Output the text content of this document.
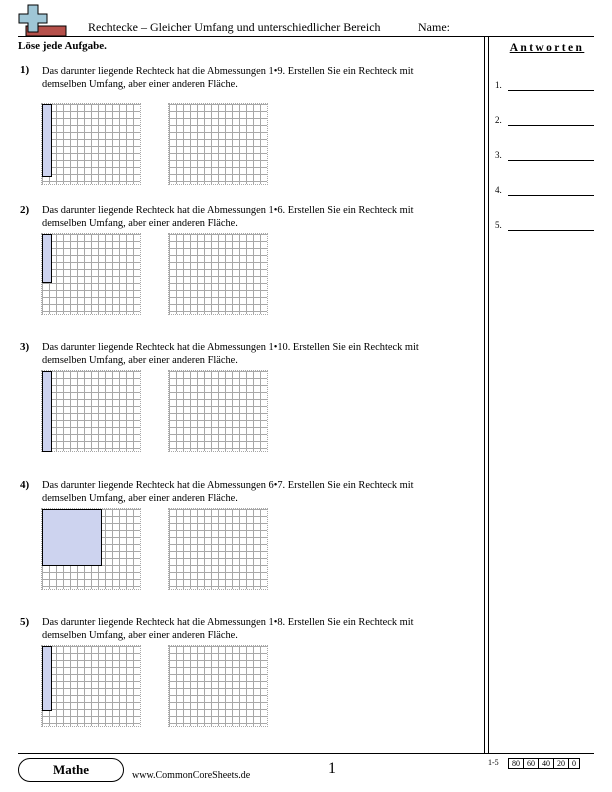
Rechtecke – Gleicher Umfang und unterschiedlicher Bereich	Name:
Löse jede Aufgabe.	Antworten
1.
2.
3.
4.
5.
1) Das darunter liegende Rechteck hat die Abmessungen 1•9. Erstellen Sie ein Rechteck mit
demselben Umfang, aber einer anderen Fläche.
2) Das darunter liegende Rechteck hat die Abmessungen 1•6. Erstellen Sie ein Rechteck mit
demselben Umfang, aber einer anderen Fläche.
3) Das darunter liegende Rechteck hat die Abmessungen 1•10. Erstellen Sie ein Rechteck mit
demselben Umfang, aber einer anderen Fläche.
4) Das darunter liegende Rechteck hat die Abmessungen 6•7. Erstellen Sie ein Rechteck mit
demselben Umfang, aber einer anderen Fläche.
5) Das darunter liegende Rechteck hat die Abmessungen 1•8. Erstellen Sie ein Rechteck mit
demselben Umfang, aber einer anderen Fläche.
Mathe	www.CommonCoreSheets.de	1	1-5	80 60 40 20 0
